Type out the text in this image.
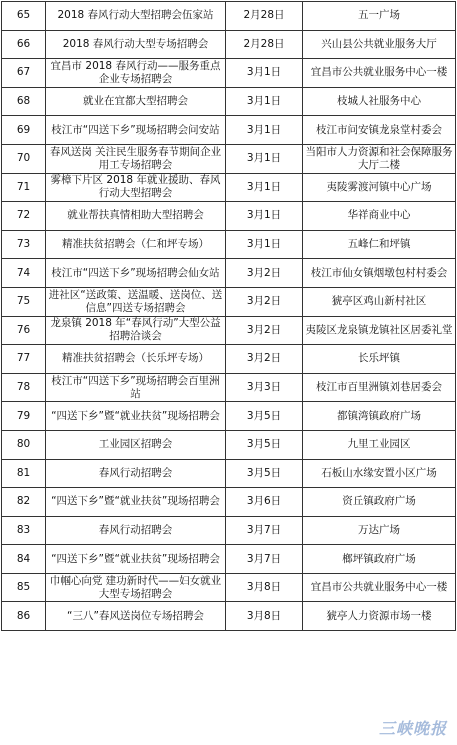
65	2018 春风行动大型招聘会伍家站	2月28日	五一广场
66	2018 春风行动大型专场招聘会	2月28日	兴山县公共就业服务大厅
67	宜昌市 2018 春风行动——服务重点企业专场招聘会	3月1日	宜昌市公共就业服务中心一楼
68	就业在宜都大型招聘会	3月1日	枝城人社服务中心
69	枝江市“四送下乡”现场招聘会问安站	3月1日	枝江市问安镇龙泉堂村委会
70	春风送岗 关注民生服务春节期间企业用工专场招聘会	3月1日	当阳市人力资源和社会保障服务大厅二楼
71	雾樟下片区 2018 年就业援助、春风行动大型招聘会	3月1日	夷陵雾渡河镇中心广场
72	就业帮扶真情相助大型招聘会	3月1日	华祥商业中心
73	精准扶贫招聘会（仁和坪专场）	3月1日	五峰仁和坪镇
74	枝江市“四送下乡”现场招聘会仙女站	3月2日	枝江市仙女镇烟墩包村村委会
75	进社区“送政策、送温暖、送岗位、送信息”四送专场招聘会	3月2日	猇亭区鸡山新村社区
76	龙泉镇 2018 年“春风行动”大型公益招聘洽谈会	3月2日	夷陵区龙泉镇龙镇社区居委礼堂
77	精准扶贫招聘会（长乐坪专场）	3月2日	长乐坪镇
78	枝江市“四送下乡”现场招聘会百里洲站	3月3日	枝江市百里洲镇刘巷居委会
79	“四送下乡”暨“就业扶贫”现场招聘会	3月5日	都镇湾镇政府广场
80	工业园区招聘会	3月5日	九里工业园区
81	春风行动招聘会	3月5日	石板山水缘安置小区广场
82	“四送下乡”暨“就业扶贫”现场招聘会	3月6日	资丘镇政府广场
83	春风行动招聘会	3月7日	万达广场
84	“四送下乡”暨“就业扶贫”现场招聘会	3月7日	榔坪镇政府广场
85	巾帼心向党 建功新时代——妇女就业大型专场招聘会	3月8日	宜昌市公共就业服务中心一楼
86	“三八”春风送岗位专场招聘会	3月8日	猇亭人力资源市场一楼
三峡晚报
